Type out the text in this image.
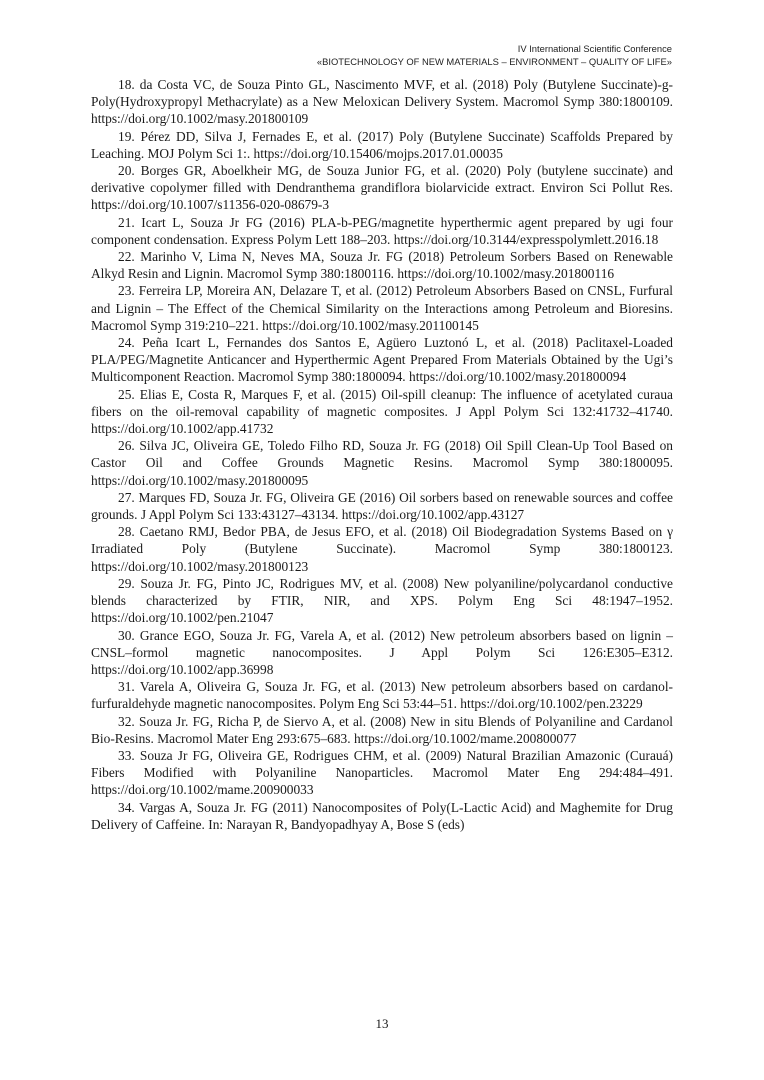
IV International Scientific Conference
«BIOTECHNOLOGY OF NEW MATERIALS – ENVIRONMENT – QUALITY OF LIFE»

18. da Costa VC, de Souza Pinto GL, Nascimento MVF, et al. (2018) Poly (Butylene Succinate)-g-Poly(Hydroxypropyl Methacrylate) as a New Meloxican Delivery System. Macromol Symp 380:1800109. https://doi.org/10.1002/masy.201800109

19. Pérez DD, Silva J, Fernades E, et al. (2017) Poly (Butylene Succinate) Scaffolds Prepared by Leaching. MOJ Polym Sci 1:. https://doi.org/10.15406/mojps.2017.01.00035

20. Borges GR, Aboelkheir MG, de Souza Junior FG, et al. (2020) Poly (butylene succinate) and derivative copolymer filled with Dendranthema grandiflora biolarvicide extract. Environ Sci Pollut Res. https://doi.org/10.1007/s11356-020-08679-3

21. Icart L, Souza Jr FG (2016) PLA-b-PEG/magnetite hyperthermic agent prepared by ugi four component condensation. Express Polym Lett 188–203. https://doi.org/10.3144/expresspolymlett.2016.18

22. Marinho V, Lima N, Neves MA, Souza Jr. FG (2018) Petroleum Sorbers Based on Renewable Alkyd Resin and Lignin. Macromol Symp 380:1800116. https://doi.org/10.1002/masy.201800116

23. Ferreira LP, Moreira AN, Delazare T, et al. (2012) Petroleum Absorbers Based on CNSL, Furfural and Lignin – The Effect of the Chemical Similarity on the Interactions among Petroleum and Bioresins. Macromol Symp 319:210–221. https://doi.org/10.1002/masy.201100145

24. Peña Icart L, Fernandes dos Santos E, Agüero Luztonó L, et al. (2018) Paclitaxel-Loaded PLA/PEG/Magnetite Anticancer and Hyperthermic Agent Prepared From Materials Obtained by the Ugi’s Multicomponent Reaction. Macromol Symp 380:1800094. https://doi.org/10.1002/masy.201800094

25. Elias E, Costa R, Marques F, et al. (2015) Oil-spill cleanup: The influence of acetylated curaua fibers on the oil-removal capability of magnetic composites. J Appl Polym Sci 132:41732–41740. https://doi.org/10.1002/app.41732

26. Silva JC, Oliveira GE, Toledo Filho RD, Souza Jr. FG (2018) Oil Spill Clean-Up Tool Based on Castor Oil and Coffee Grounds Magnetic Resins. Macromol Symp 380:1800095. https://doi.org/10.1002/masy.201800095

27. Marques FD, Souza Jr. FG, Oliveira GE (2016) Oil sorbers based on renewable sources and coffee grounds. J Appl Polym Sci 133:43127–43134. https://doi.org/10.1002/app.43127

28. Caetano RMJ, Bedor PBA, de Jesus EFO, et al. (2018) Oil Biodegradation Systems Based on γ Irradiated Poly (Butylene Succinate). Macromol Symp 380:1800123. https://doi.org/10.1002/masy.201800123

29. Souza Jr. FG, Pinto JC, Rodrigues MV, et al. (2008) New polyaniline/polycardanol conductive blends characterized by FTIR, NIR, and XPS. Polym Eng Sci 48:1947–1952. https://doi.org/10.1002/pen.21047

30. Grance EGO, Souza Jr. FG, Varela A, et al. (2012) New petroleum absorbers based on lignin – CNSL–formol magnetic nanocomposites. J Appl Polym Sci 126:E305–E312. https://doi.org/10.1002/app.36998

31. Varela A, Oliveira G, Souza Jr. FG, et al. (2013) New petroleum absorbers based on cardanol-furfuraldehyde magnetic nanocomposites. Polym Eng Sci 53:44–51. https://doi.org/10.1002/pen.23229

32. Souza Jr. FG, Richa P, de Siervo A, et al. (2008) New in situ Blends of Polyaniline and Cardanol Bio-Resins. Macromol Mater Eng 293:675–683. https://doi.org/10.1002/mame.200800077

33. Souza Jr FG, Oliveira GE, Rodrigues CHM, et al. (2009) Natural Brazilian Amazonic (Curauá) Fibers Modified with Polyaniline Nanoparticles. Macromol Mater Eng 294:484–491. https://doi.org/10.1002/mame.200900033

34. Vargas A, Souza Jr. FG (2011) Nanocomposites of Poly(L-Lactic Acid) and Maghemite for Drug Delivery of Caffeine. In: Narayan R, Bandyopadhyay A, Bose S (eds)

13
